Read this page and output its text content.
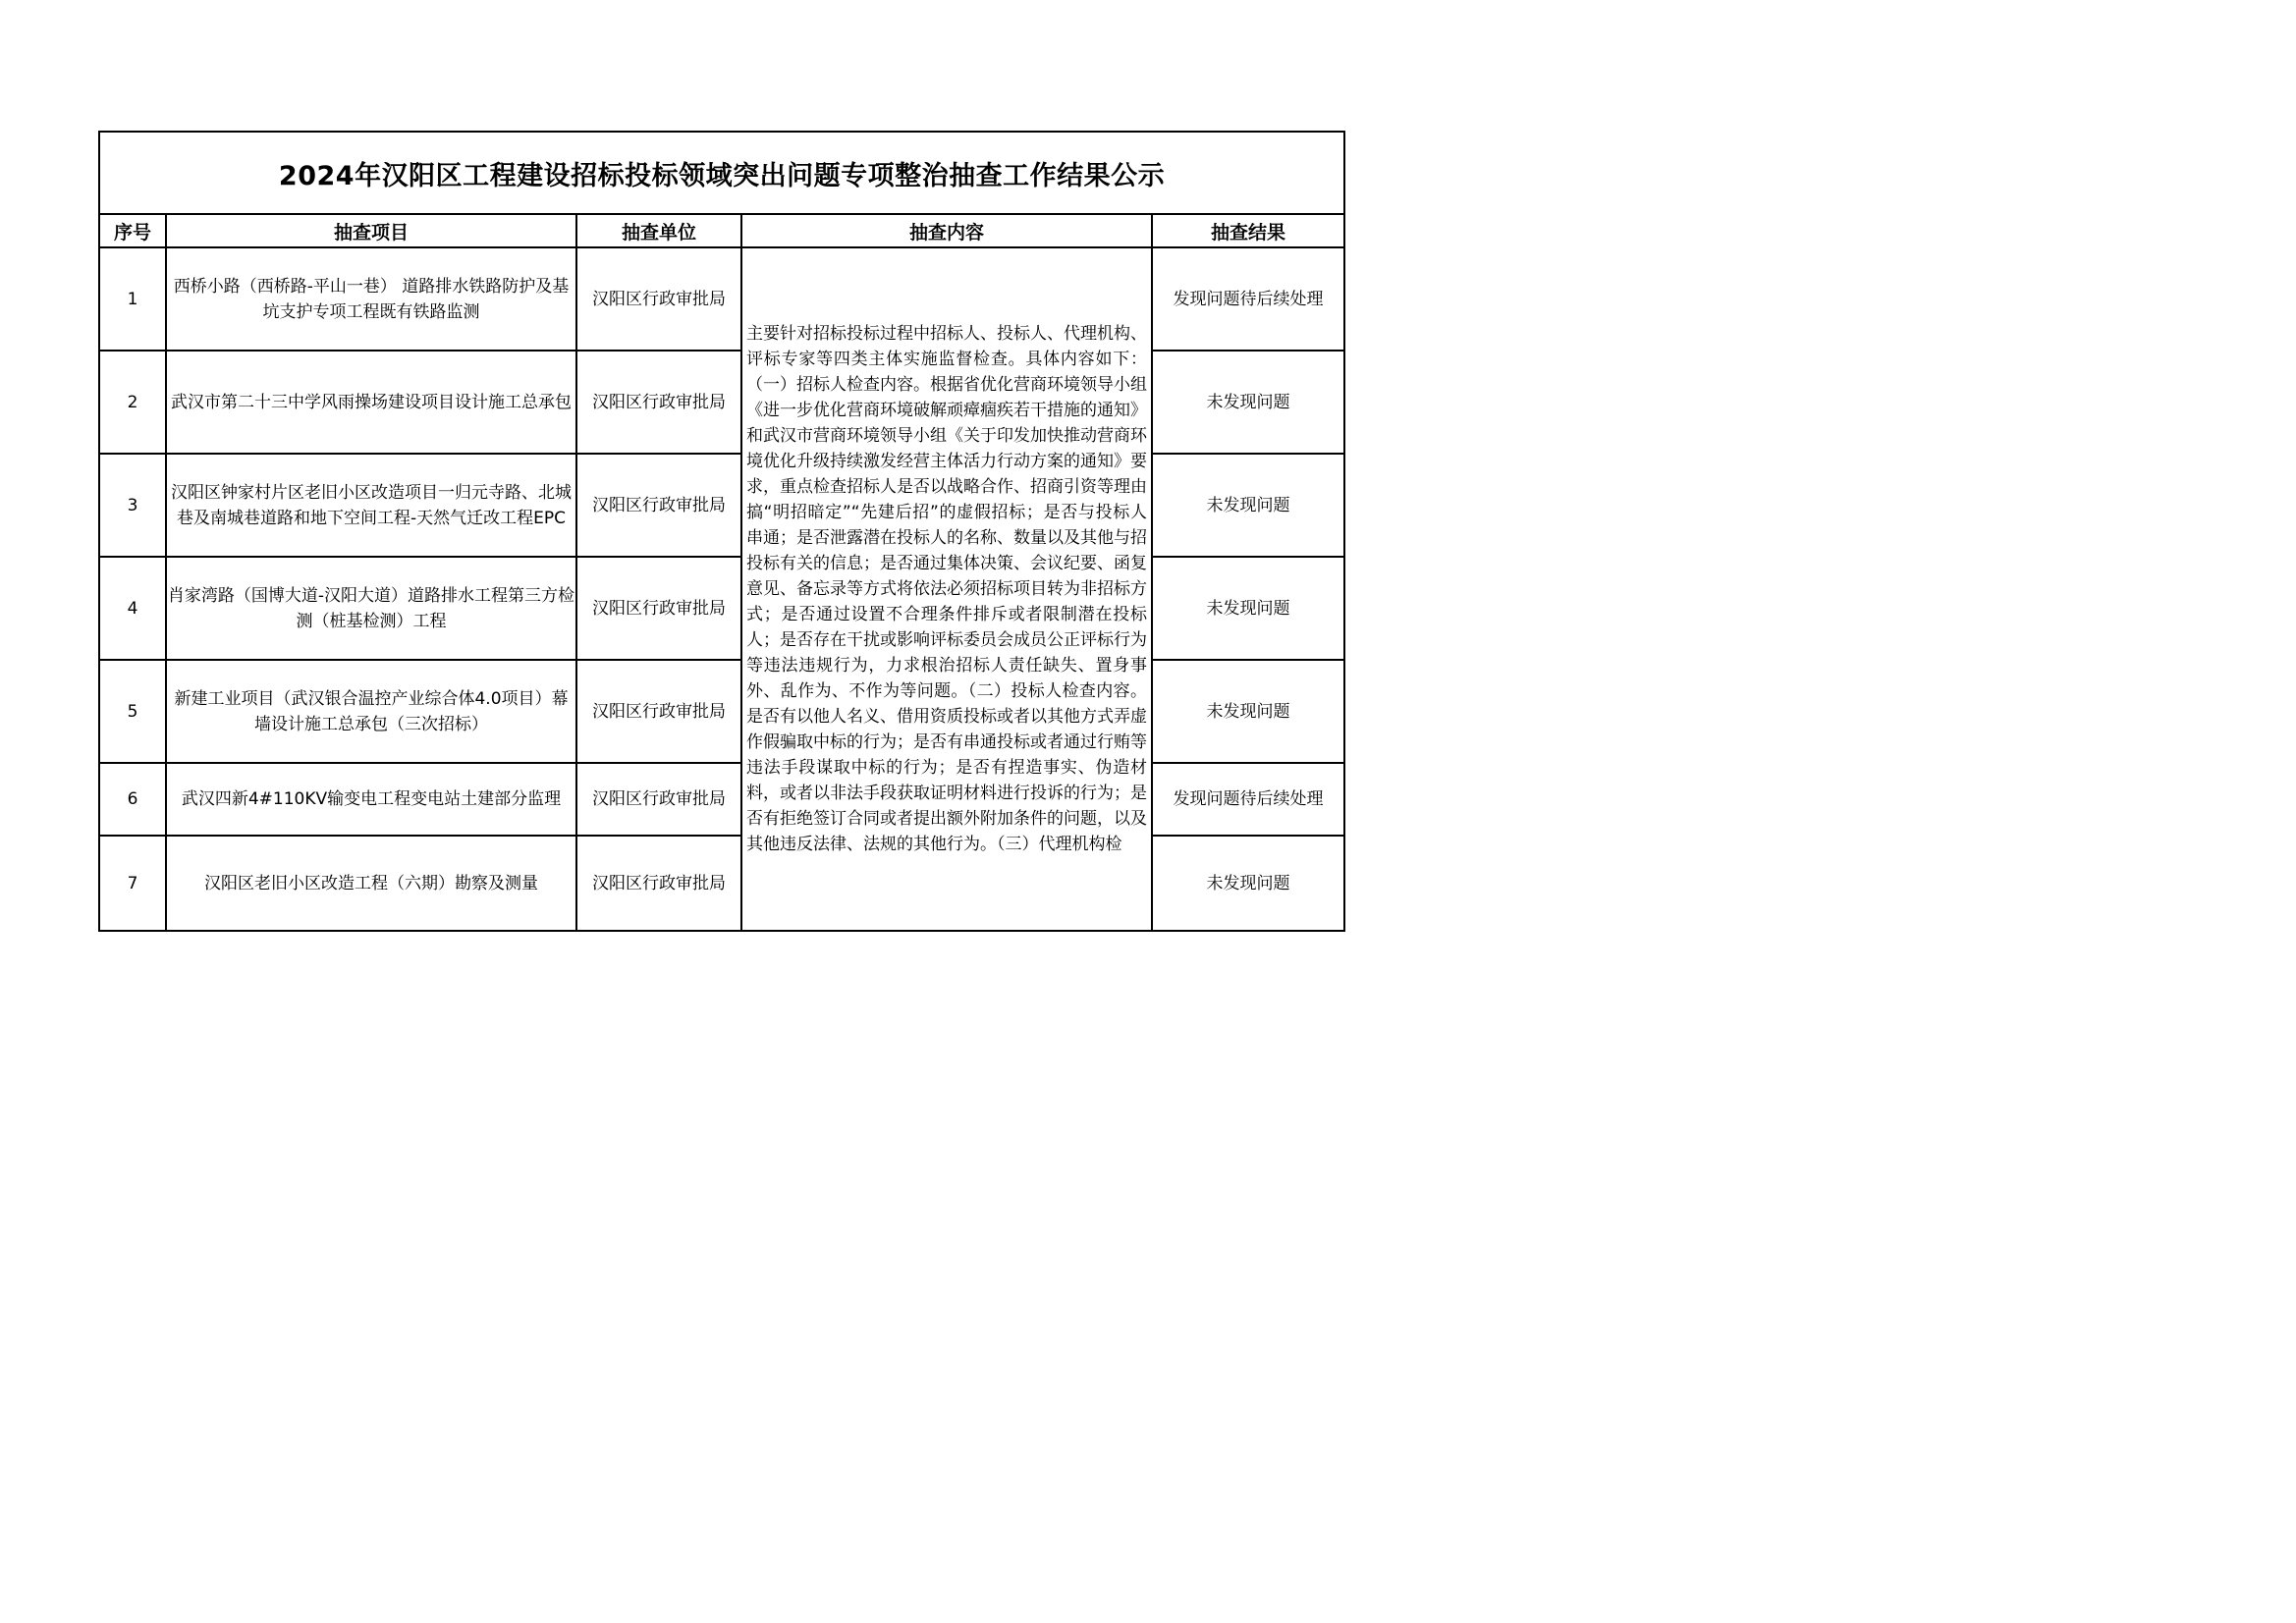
2024年汉阳区工程建设招标投标领域突出问题专项整治抽查工作结果公示				
序号	抽查项目	抽查单位	抽查内容	抽查结果
1	西桥小路（西桥路-平山一巷） 道路排水铁路防护及基坑支护专项工程既有铁路监测	汉阳区行政审批局	主要针对招标投标过程中招标人、投标人、代理机构、评标专家等四类主体实施监督检查。具体内容如下：（一）招标人检查内容。根据省优化营商环境领导小组《进一步优化营商环境破解顽瘴痼疾若干措施的通知》和武汉市营商环境领导小组《关于印发加快推动营商环境优化升级持续激发经营主体活力行动方案的通知》要求，重点检查招标人是否以战略合作、招商引资等理由搞“明招暗定”“先建后招”的虚假招标；是否与投标人串通；是否泄露潜在投标人的名称、数量以及其他与招投标有关的信息；是否通过集体决策、会议纪要、函复意见、备忘录等方式将依法必须招标项目转为非招标方式；是否通过设置不合理条件排斥或者限制潜在投标人；是否存在干扰或影响评标委员会成员公正评标行为等违法违规行为，力求根治招标人责任缺失、置身事外、乱作为、不作为等问题。（二）投标人检查内容。是否有以他人名义、借用资质投标或者以其他方式弄虚作假骗取中标的行为；是否有串通投标或者通过行贿等违法手段谋取中标的行为；是否有捏造事实、伪造材料，或者以非法手段获取证明材料进行投诉的行为；是否有拒绝签订合同或者提出额外附加条件的问题，以及其他违反法律、法规的其他行为。（三）代理机构检	发现问题待后续处理
2	武汉市第二十三中学风雨操场建设项目设计施工总承包	汉阳区行政审批局		未发现问题
3	汉阳区钟家村片区老旧小区改造项目一归元寺路、北城巷及南城巷道路和地下空间工程-天然气迁改工程EPC	汉阳区行政审批局		未发现问题
4	肖家湾路（国博大道-汉阳大道）道路排水工程第三方检测（桩基检测）工程	汉阳区行政审批局		未发现问题
5	新建工业项目（武汉银合温控产业综合体4.0项目）幕墙设计施工总承包（三次招标）	汉阳区行政审批局		未发现问题
6	武汉四新4#110KV输变电工程变电站土建部分监理	汉阳区行政审批局		发现问题待后续处理
7	汉阳区老旧小区改造工程（六期）勘察及测量	汉阳区行政审批局		未发现问题
